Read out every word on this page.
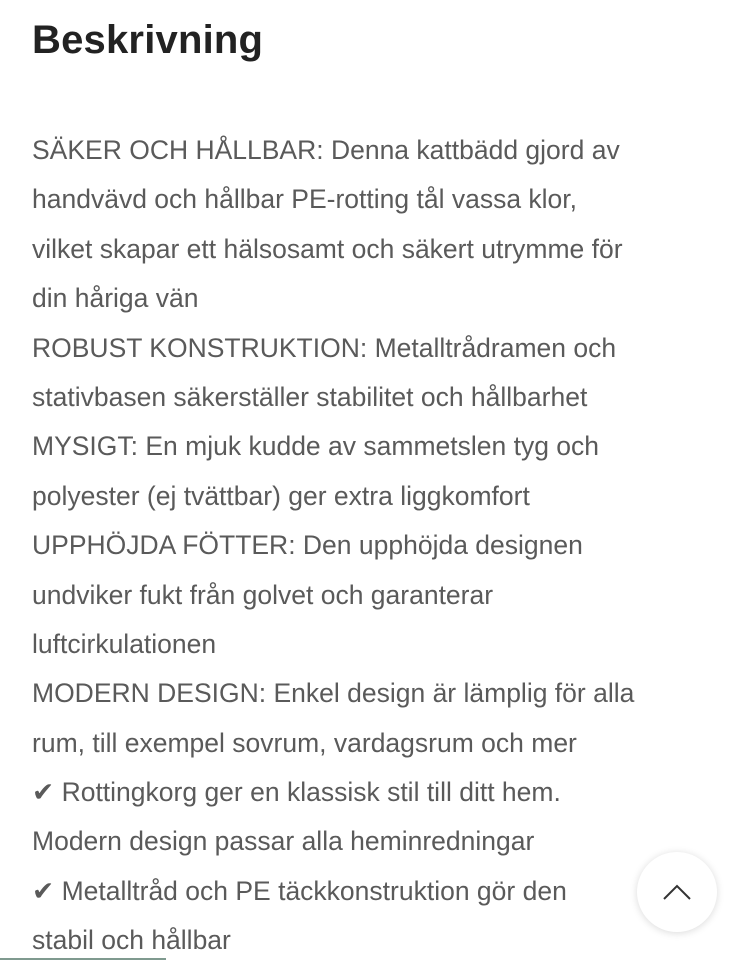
Beskrivning
SÄKER OCH HÅLLBAR: Denna kattbädd gjord av
handvävd och hållbar PE-rotting tål vassa klor,
vilket skapar ett hälsosamt och säkert utrymme för
din håriga vän
ROBUST KONSTRUKTION: Metalltrådramen och
stativbasen säkerställer stabilitet och hållbarhet
MYSIGT: En mjuk kudde av sammetslen tyg och
polyester (ej tvättbar) ger extra liggkomfort
UPPHÖJDA FÖTTER: Den upphöjda designen
undviker fukt från golvet och garanterar
luftcirkulationen
MODERN DESIGN: Enkel design är lämplig för alla
rum, till exempel sovrum, vardagsrum och mer
✔ Rottingkorg ger en klassisk stil till ditt hem.
Modern design passar alla heminredningar
✔ Metalltråd och PE täckkonstruktion gör den
stabil och hållbar
